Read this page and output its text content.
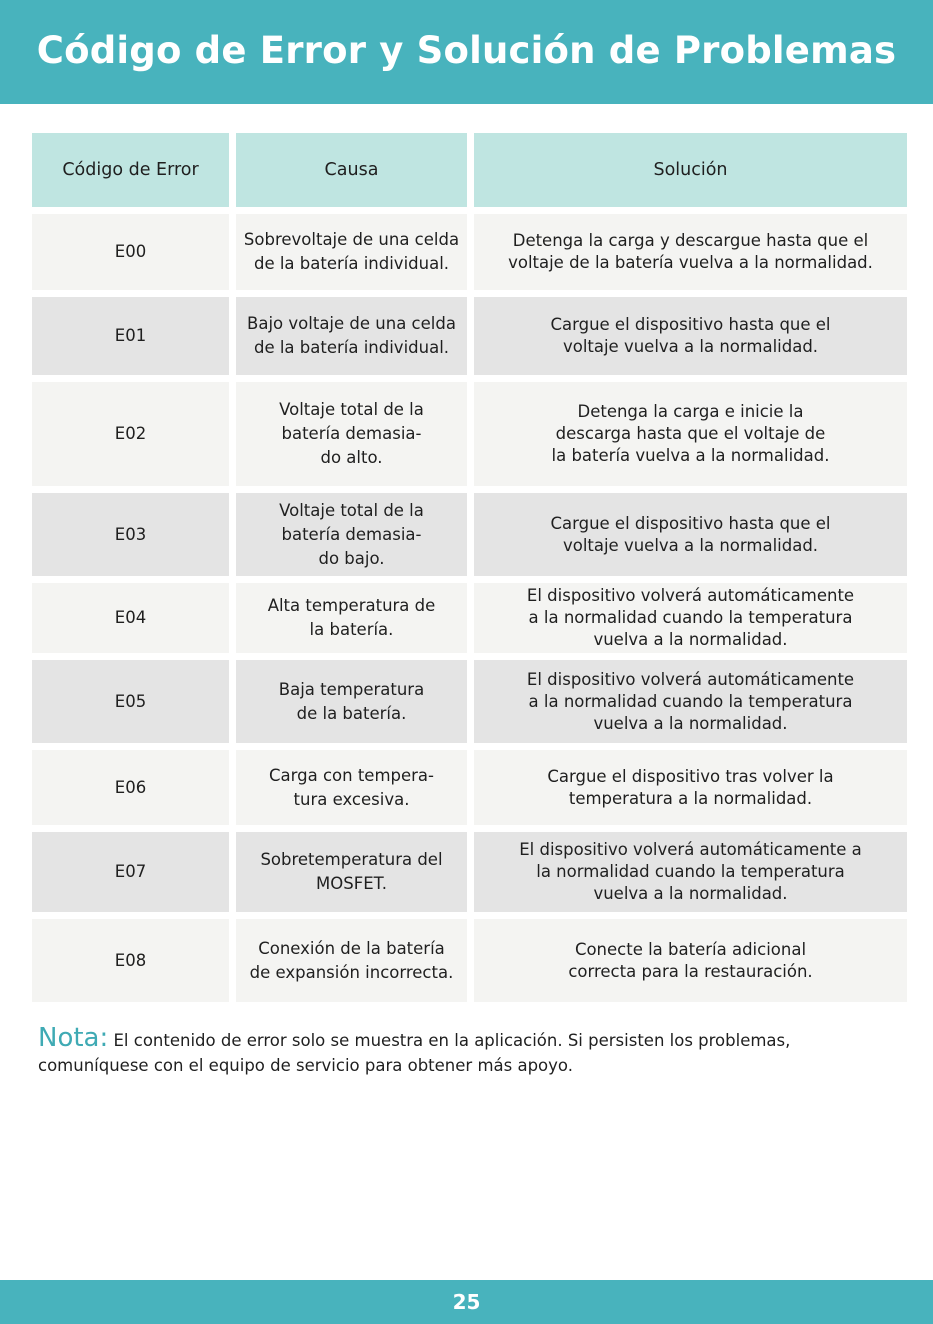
Código de Error y Solución de Problemas
Código de Error	Causa	Solución
E00
Sobrevoltaje de una celda
de la batería individual.
Detenga la carga y descargue hasta que el
voltaje de la batería vuelva a la normalidad.
E01
Bajo voltaje de una celda
de la batería individual.
Cargue el dispositivo hasta que el
voltaje vuelva a la normalidad.
E02
Voltaje total de la
batería demasia-
do alto.
Detenga la carga e inicie la
descarga hasta que el voltaje de
la batería vuelva a la normalidad.
E03
Voltaje total de la
batería demasia-
do bajo.
Cargue el dispositivo hasta que el
voltaje vuelva a la normalidad.
E04
Alta temperatura de
la batería.
El dispositivo volverá automáticamente
a la normalidad cuando la temperatura
vuelva a la normalidad.
E05
Baja temperatura
de la batería.
El dispositivo volverá automáticamente
a la normalidad cuando la temperatura
vuelva a la normalidad.
E06
Carga con tempera-
tura excesiva.
Cargue el dispositivo tras volver la
temperatura a la normalidad.
E07
Sobretemperatura del
MOSFET.
El dispositivo volverá automáticamente a
la normalidad cuando la temperatura
vuelva a la normalidad.
E08
Conexión de la batería
de expansión incorrecta.
Conecte la batería adicional
correcta para la restauración.
Nota: El contenido de error solo se muestra en la aplicación. Si persisten los problemas, comuníquese con el equipo de servicio para obtener más apoyo.
25
